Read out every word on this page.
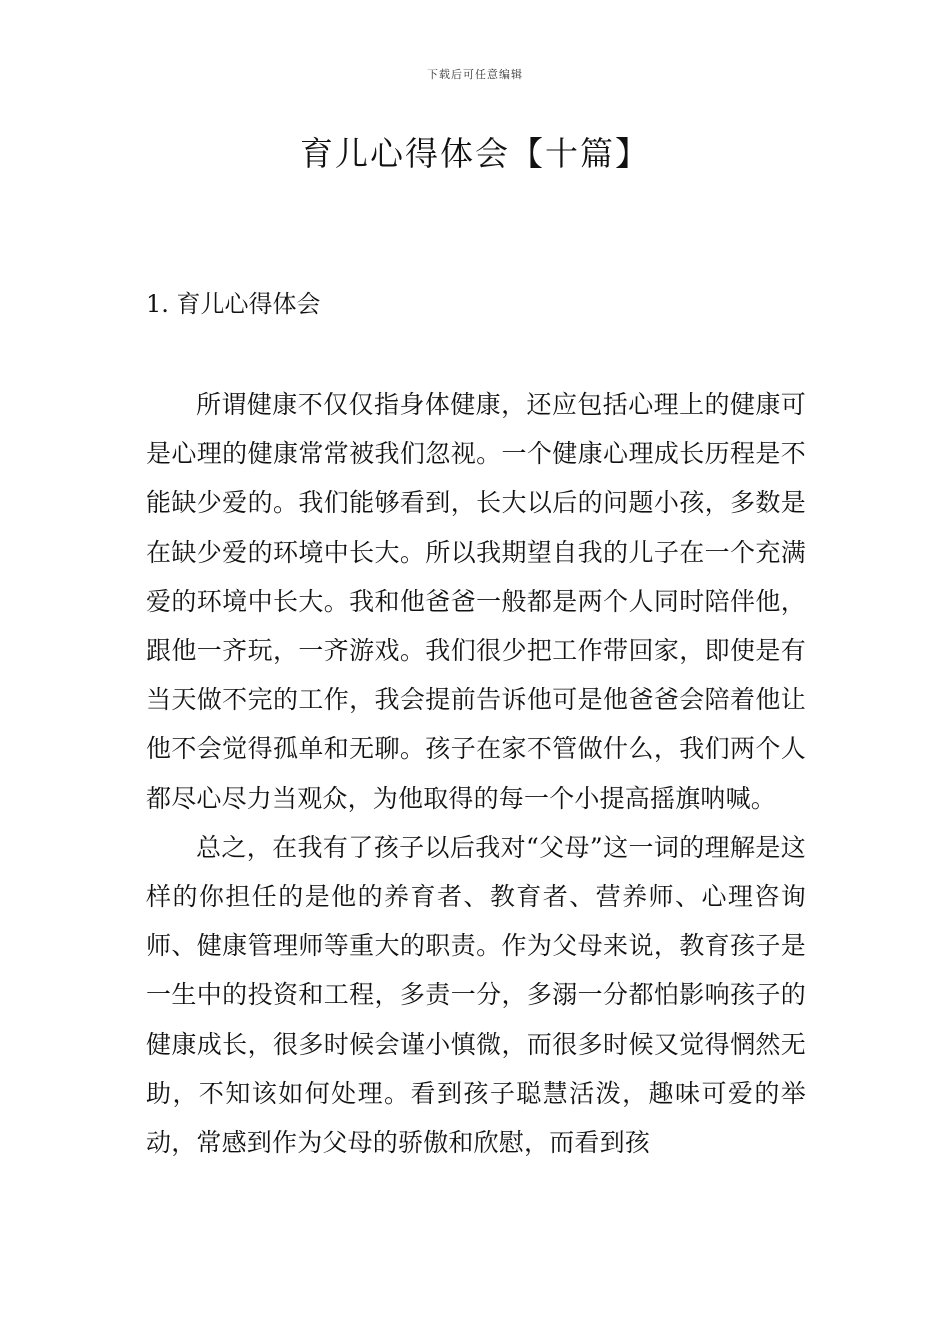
下载后可任意编辑
育儿心得体会【十篇】
1. 育儿心得体会

所谓健康不仅仅指身体健康，还应包括心理上的健康可是心理的健康常常被我们忽视。一个健康心理成长历程是不能缺少爱的。我们能够看到，长大以后的问题小孩，多数是在缺少爱的环境中长大。所以我期望自我的儿子在一个充满爱的环境中长大。我和他爸爸一般都是两个人同时陪伴他，跟他一齐玩，一齐游戏。我们很少把工作带回家，即使是有当天做不完的工作，我会提前告诉他可是他爸爸会陪着他让他不会觉得孤单和无聊。孩子在家不管做什么，我们两个人都尽心尽力当观众，为他取得的每一个小提高摇旗呐喊。

总之，在我有了孩子以后我对“父母”这一词的理解是这样的你担任的是他的养育者、教育者、营养师、心理咨询师、健康管理师等重大的职责。作为父母来说，教育孩子是一生中的投资和工程，多责一分，多溺一分都怕影响孩子的健康成长，很多时候会谨小慎微，而很多时候又觉得惘然无助，不知该如何处理。看到孩子聪慧活泼，趣味可爱的举动，常感到作为父母的骄傲和欣慰，而看到孩
